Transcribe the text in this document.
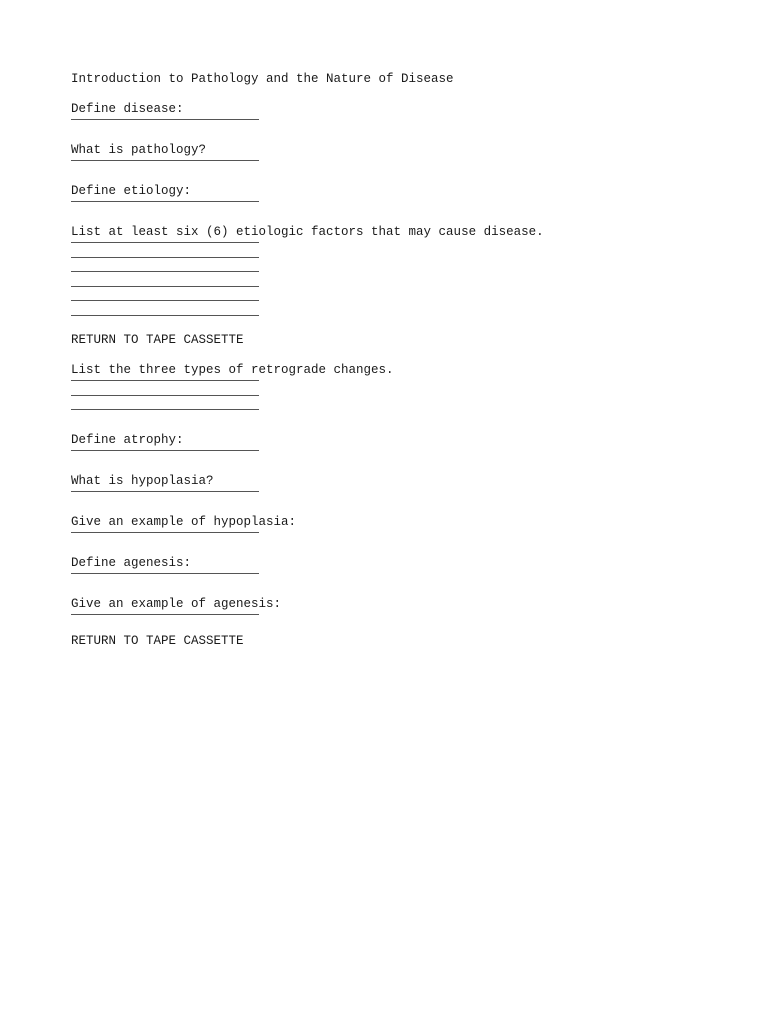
Introduction to Pathology and the Nature of Disease
Define disease:
What is pathology?
Define etiology:
List at least six (6) etiologic factors that may cause disease.
RETURN TO TAPE CASSETTE
List the three types of retrograde changes.
Define atrophy:
What is hypoplasia?
Give an example of hypoplasia:
Define agenesis:
Give an example of agenesis:
RETURN TO TAPE CASSETTE
